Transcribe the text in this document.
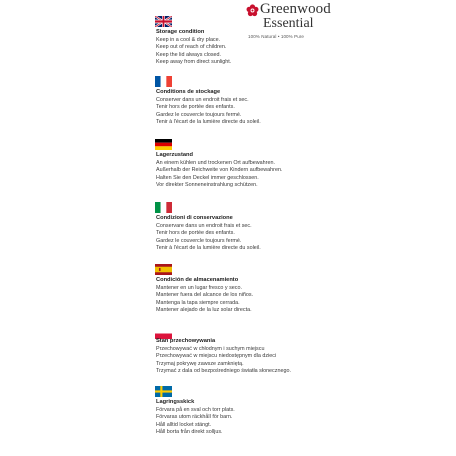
Greenwood
Essential
100% Natural • 100% Pure
Storage condition
Keep in a cool & dry place.
Keep out of reach of children.
Keep the lid always closed.
Keep away from direct sunlight.
Conditions de stockage
Conserver dans un endroit frais et sec.
Tenir hors de portée des enfants.
Gardez le couvercle toujours fermé.
Tenir à l'écart de la lumière directe du soleil.
Lagerzustand
An einem kühlen und trockenen Ort aufbewahren.
Außerhalb der Reichweite von Kindern aufbewahren.
Halten Sie den Deckel immer geschlossen.
Vor direkter Sonneneinstrahlung schützen.
Condizioni di conservazione
Conservare dans un endroit frais et sec.
Tenir hors de portée des enfants.
Gardez le couvercle toujours fermé.
Tenir à l'écart de la lumière directe du soleil.
Condición de almacenamiento
Mantener en un lugar fresco y seco.
Mantener fuera del alcance de los niños.
Mantenga la tapa siempre cerrada.
Mantener alejado de la luz solar directa.
Stan przechowywania
Przechowywać w chłodnym i suchym miejscu
Przechowywać w miejscu niedostępnym dla dzieci
Trzymaj pokrywę zawsze zamkniętą.
Trzymać z dala od bezpośredniego światła słonecznego.
Lagringsskick
Förvara på en sval och torr plats.
Förvaras utom räckhåll för barn.
Håll alltid locket stängt.
Håll borta från direkt solljus.
